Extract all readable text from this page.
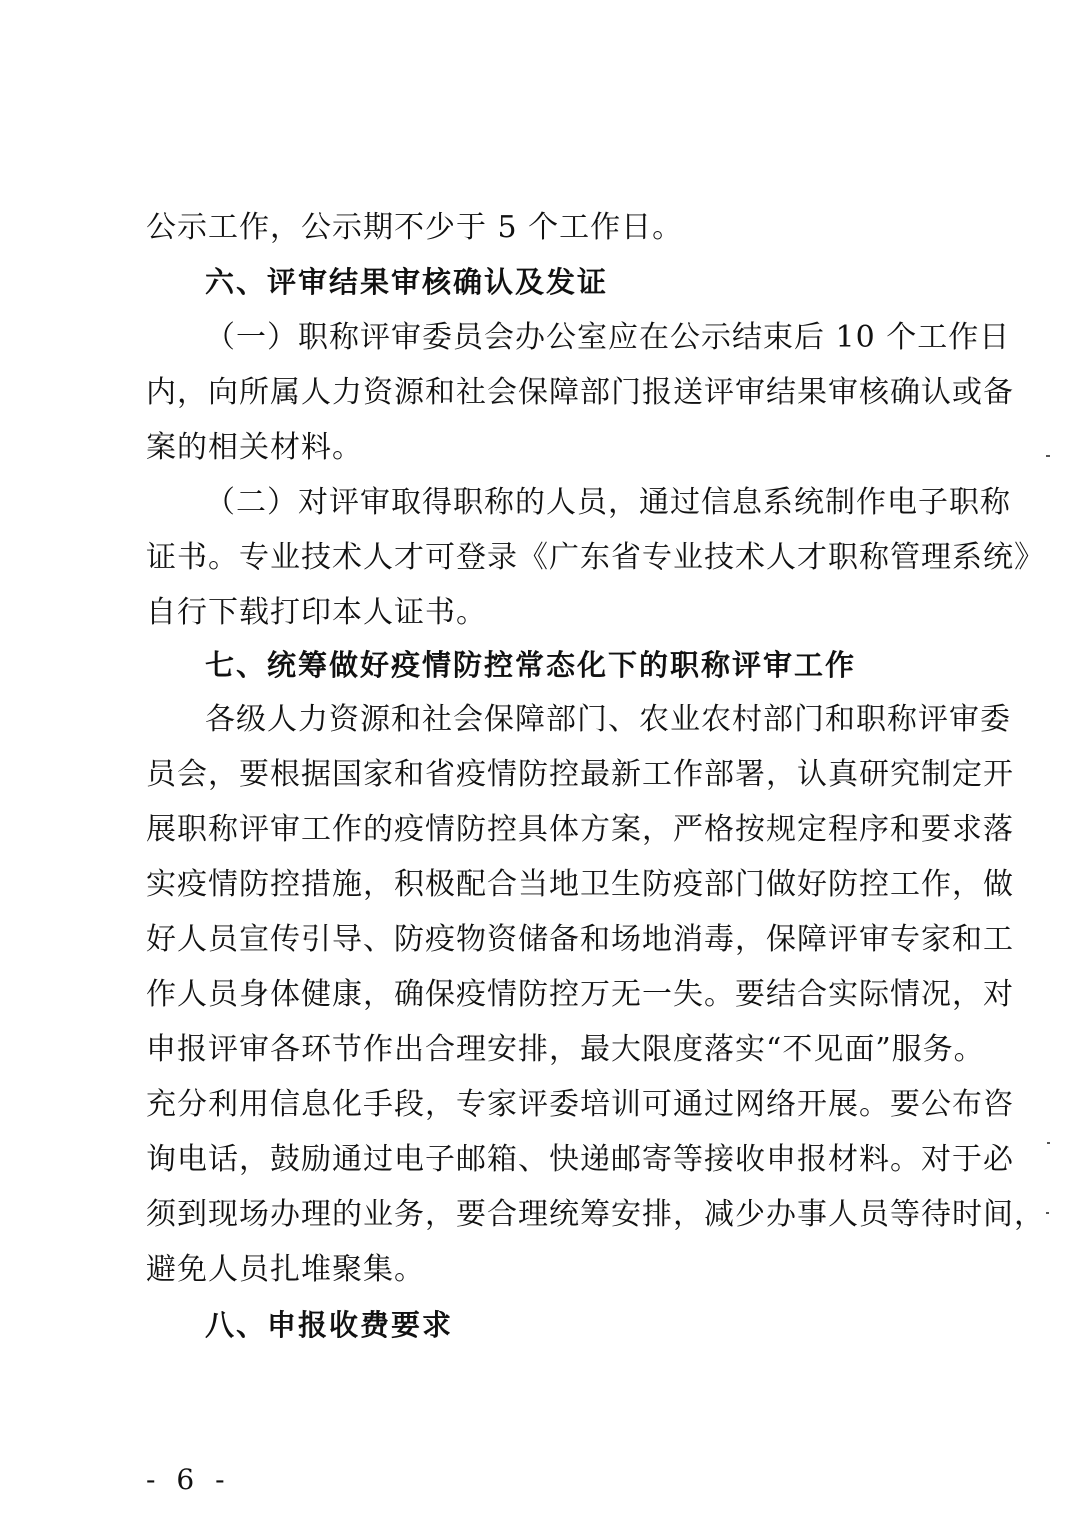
公示工作，公示期不少于 5 个工作日。
六、评审结果审核确认及发证
（一）职称评审委员会办公室应在公示结束后 10 个工作日
内，向所属人力资源和社会保障部门报送评审结果审核确认或备
案的相关材料。
（二）对评审取得职称的人员，通过信息系统制作电子职称
证书。专业技术人才可登录《广东省专业技术人才职称管理系统》
自行下载打印本人证书。
七、统筹做好疫情防控常态化下的职称评审工作
各级人力资源和社会保障部门、农业农村部门和职称评审委
员会，要根据国家和省疫情防控最新工作部署，认真研究制定开
展职称评审工作的疫情防控具体方案，严格按规定程序和要求落
实疫情防控措施，积极配合当地卫生防疫部门做好防控工作，做
好人员宣传引导、防疫物资储备和场地消毒，保障评审专家和工
作人员身体健康，确保疫情防控万无一失。要结合实际情况，对
申报评审各环节作出合理安排，最大限度落实“不见面”服务。
充分利用信息化手段，专家评委培训可通过网络开展。要公布咨
询电话，鼓励通过电子邮箱、快递邮寄等接收申报材料。对于必
须到现场办理的业务，要合理统筹安排，减少办事人员等待时间，
避免人员扎堆聚集。
八、申报收费要求
- 6 -
